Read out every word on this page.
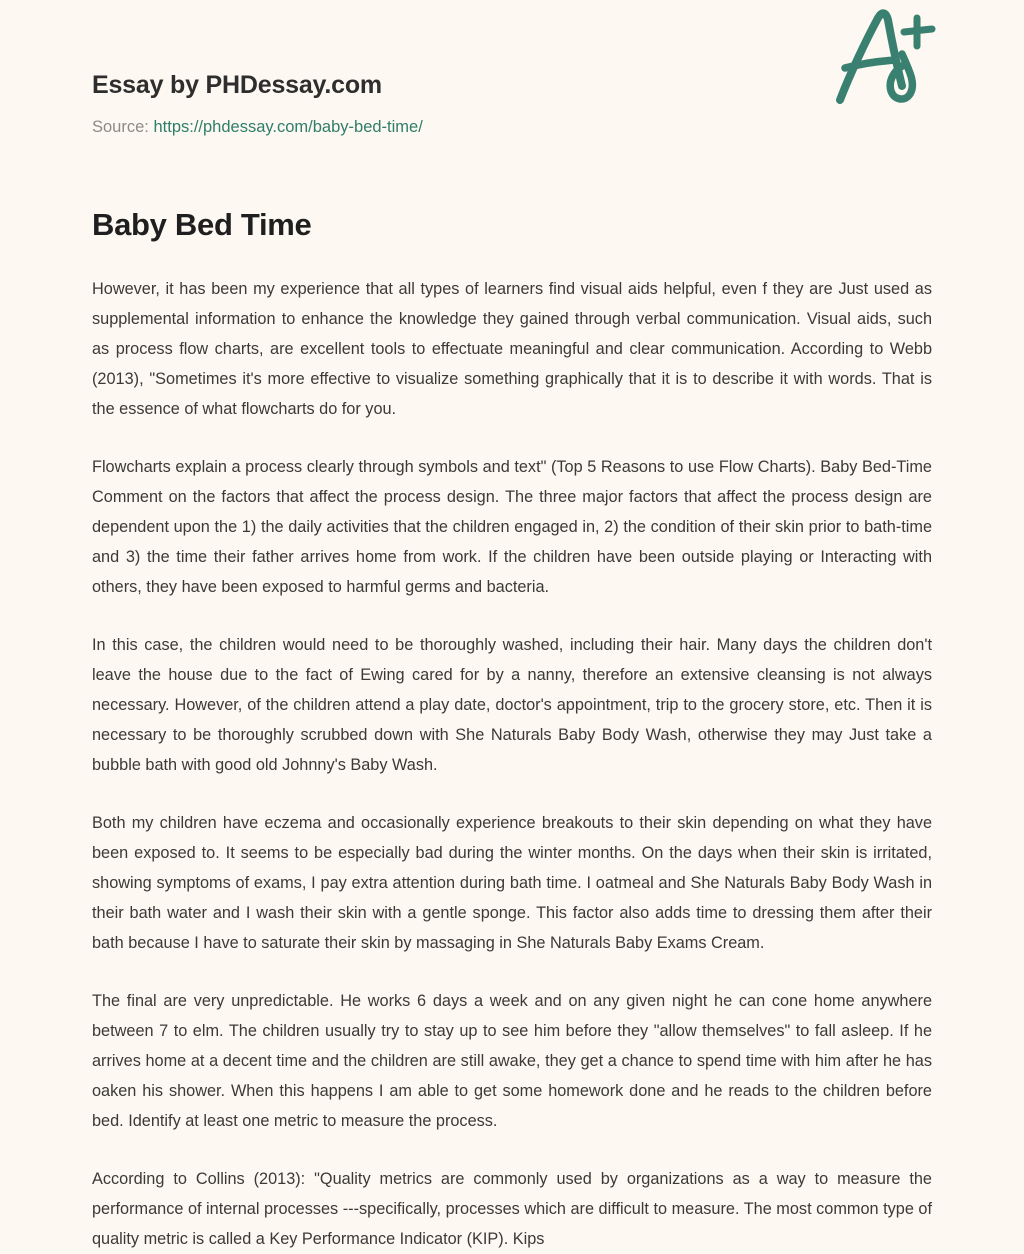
Essay by PHDessay.com
Source: https://phdessay.com/baby-bed-time/
Baby Bed Time

However, it has been my experience that all types of learners find visual aids helpful, even f they are Just used as supplemental information to enhance the knowledge they gained through verbal communication. Visual aids, such as process flow charts, are excellent tools to effectuate meaningful and clear communication. According to Webb (2013), "Sometimes it's more effective to visualize something graphically that it is to describe it with words. That is the essence of what flowcharts do for you.

Flowcharts explain a process clearly through symbols and text" (Top 5 Reasons to use Flow Charts). Baby Bed-Time Comment on the factors that affect the process design. The three major factors that affect the process design are dependent upon the 1) the daily activities that the children engaged in, 2) the condition of their skin prior to bath-time and 3) the time their father arrives home from work. If the children have been outside playing or Interacting with others, they have been exposed to harmful germs and bacteria.

In this case, the children would need to be thoroughly washed, including their hair. Many days the children don't leave the house due to the fact of Ewing cared for by a nanny, therefore an extensive cleansing is not always necessary. However, of the children attend a play date, doctor's appointment, trip to the grocery store, etc. Then it is necessary to be thoroughly scrubbed down with She Naturals Baby Body Wash, otherwise they may Just take a bubble bath with good old Johnny's Baby Wash.

Both my children have eczema and occasionally experience breakouts to their skin depending on what they have been exposed to. It seems to be especially bad during the winter months. On the days when their skin is irritated, showing symptoms of exams, I pay extra attention during bath time. I oatmeal and She Naturals Baby Body Wash in their bath water and I wash their skin with a gentle sponge. This factor also adds time to dressing them after their bath because I have to saturate their skin by massaging in She Naturals Baby Exams Cream.

The final are very unpredictable. He works 6 days a week and on any given night he can cone home anywhere between 7 to elm. The children usually try to stay up to see him before they "allow themselves" to fall asleep. If he arrives home at a decent time and the children are still awake, they get a chance to spend time with him after he has oaken his shower. When this happens I am able to get some homework done and he reads to the children before bed. Identify at least one metric to measure the process.

According to Collins (2013): "Quality metrics are commonly used by organizations as a way to measure the performance of internal processes ---specifically, processes which are difficult to measure. The most common type of quality metric is called a Key Performance Indicator (KIP). Kips
